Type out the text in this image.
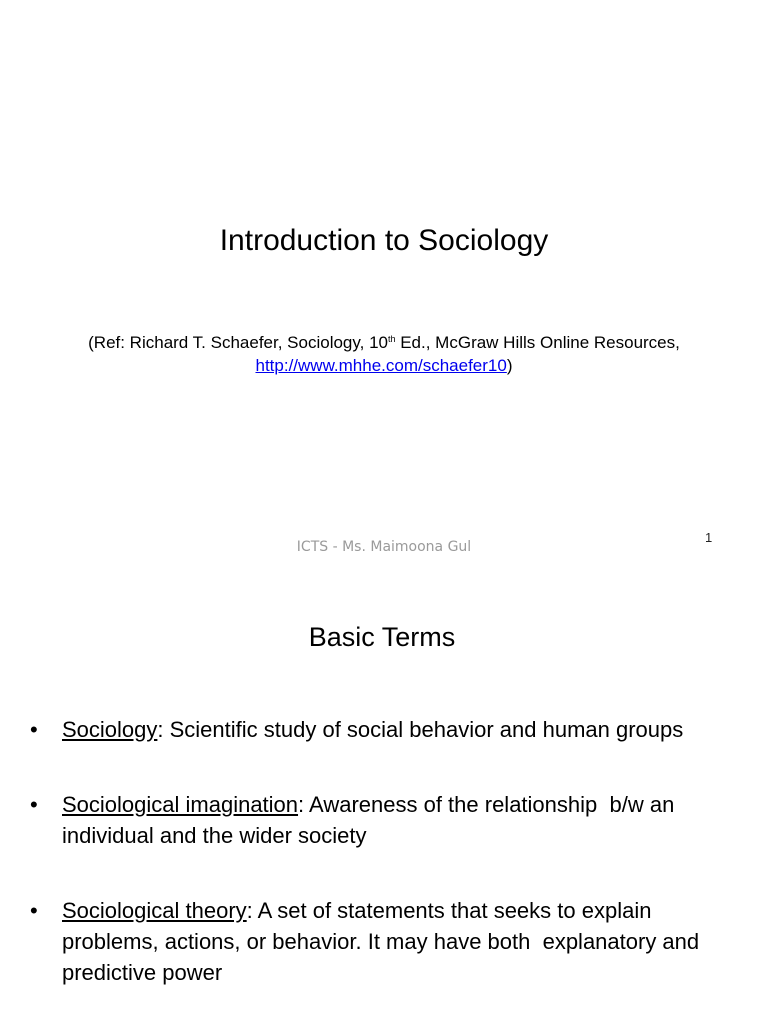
Introduction to Sociology
(Ref: Richard T. Schaefer, Sociology, 10th Ed., McGraw Hills Online Resources, http://www.mhhe.com/schaefer10)
ICTS - Ms. Maimoona Gul
1
Basic Terms
• Sociology: Scientific study of social behavior and human groups
• Sociological imagination: Awareness of the relationship  b/w an individual and the wider society
• Sociological theory: A set of statements that seeks to explain problems, actions, or behavior. It may have both  explanatory and predictive power
